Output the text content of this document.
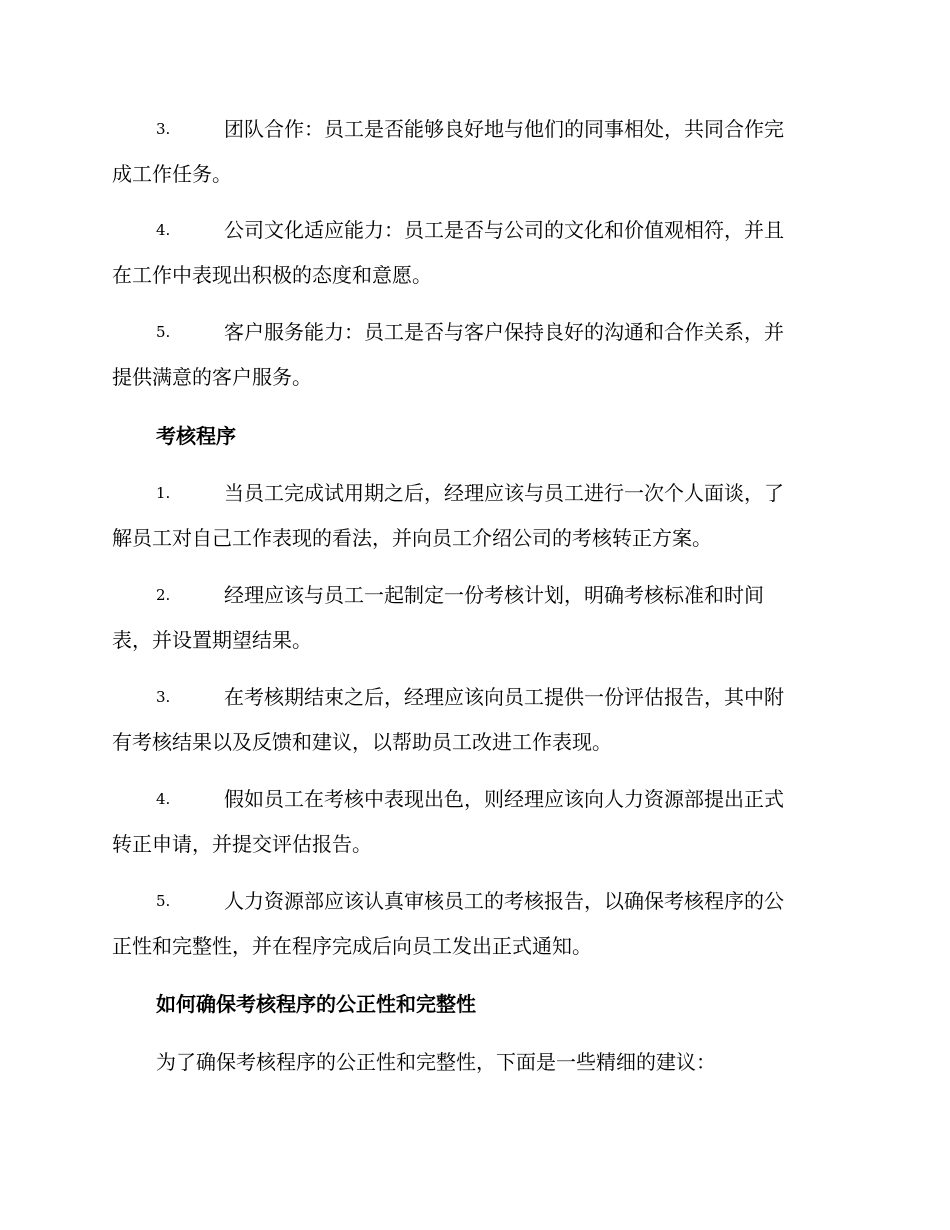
3.	团队合作：员工是否能够良好地与他们的同事相处，共同合作完
成工作任务。
4.	公司文化适应能力：员工是否与公司的文化和价值观相符，并且
在工作中表现出积极的态度和意愿。
5.	客户服务能力：员工是否与客户保持良好的沟通和合作关系，并
提供满意的客户服务。
考核程序
1.	当员工完成试用期之后，经理应该与员工进行一次个人面谈，了
解员工对自己工作表现的看法，并向员工介绍公司的考核转正方案。
2.	经理应该与员工一起制定一份考核计划，明确考核标准和时间
表，并设置期望结果。
3.	在考核期结束之后，经理应该向员工提供一份评估报告，其中附
有考核结果以及反馈和建议，以帮助员工改进工作表现。
4.	假如员工在考核中表现出色，则经理应该向人力资源部提出正式
转正申请，并提交评估报告。
5.	人力资源部应该认真审核员工的考核报告，以确保考核程序的公
正性和完整性，并在程序完成后向员工发出正式通知。
如何确保考核程序的公正性和完整性
为了确保考核程序的公正性和完整性，下面是一些精细的建议：
